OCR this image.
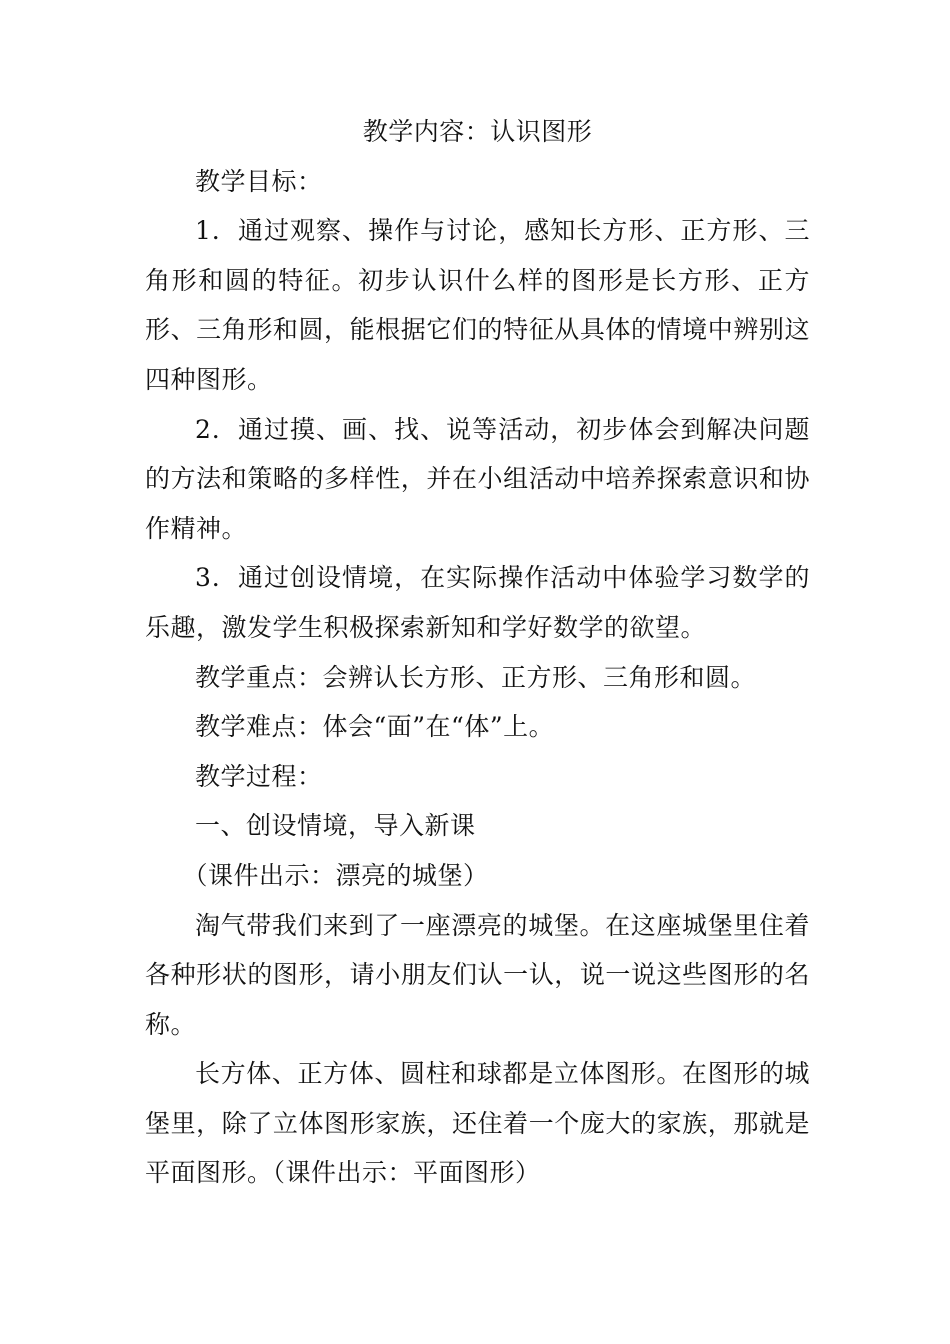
教学内容：认识图形

教学目标：

1．通过观察、操作与讨论，感知长方形、正方形、三角形和圆的特征。初步认识什么样的图形是长方形、正方形、三角形和圆，能根据它们的特征从具体的情境中辨别这四种图形。

2．通过摸、画、找、说等活动，初步体会到解决问题的方法和策略的多样性，并在小组活动中培养探索意识和协作精神。

3．通过创设情境，在实际操作活动中体验学习数学的乐趣，激发学生积极探索新知和学好数学的欲望。

教学重点：会辨认长方形、正方形、三角形和圆。

教学难点：体会“面”在“体”上。

教学过程：

一、创设情境，导入新课

（课件出示：漂亮的城堡）

淘气带我们来到了一座漂亮的城堡。在这座城堡里住着各种形状的图形，请小朋友们认一认，说一说这些图形的名称。

长方体、正方体、圆柱和球都是立体图形。在图形的城堡里，除了立体图形家族，还住着一个庞大的家族，那就是平面图形。（课件出示：平面图形）
